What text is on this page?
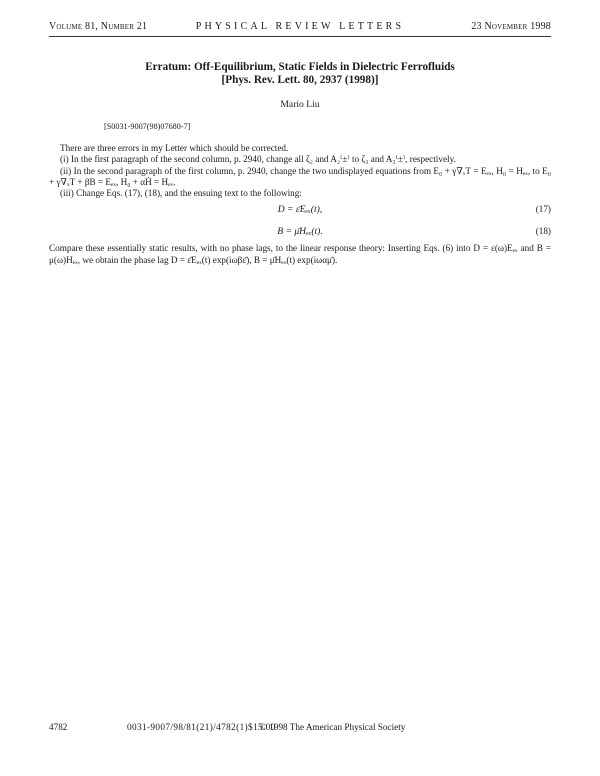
Volume 81, Number 21	PHYSICAL REVIEW LETTERS	23 November 1998
Erratum: Off-Equilibrium, Static Fields in Dielectric Ferrofluids
[Phys. Rev. Lett. 80, 2937 (1998)]
Mario Liu
[S0031-9007(98)07680-7]

There are three errors in my Letter which should be corrected.

(i) In the first paragraph of the second column, p. 2940, change all ζ₂ and A₂⁽±⁾ to ζ₃ and A₃⁽±⁾, respectively.

(ii) In the second paragraph of the first column, p. 2940, change the two undisplayed equations from E₀ + γ∇ₓT = Eₑₓ, H₀ = Hₑₓ, to E₀ + γ∇ₓT + βB = Eₑₓ, H₀ + αḢ = Hₑₓ.

(iii) Change Eqs. (17), (18), and the ensuing text to the following:

D = ε̄Eₑₓ(t),	(17)
B = μ̄Hₑₓ(t).	(18)

Compare these essentially static results, with no phase lags, to the linear response theory: Inserting Eqs. (6) into D = ε(ω)Eₑₓ and B = μ(ω)Hₑₓ, we obtain the phase lag D = ε̄Eₑₓ(t) exp(iωβε̄), B = μ̄Hₑₓ(t) exp(iωαμ̄).

4782	0031-9007/98/81(21)/4782(1)$15.00
© 1998 The American Physical Society
